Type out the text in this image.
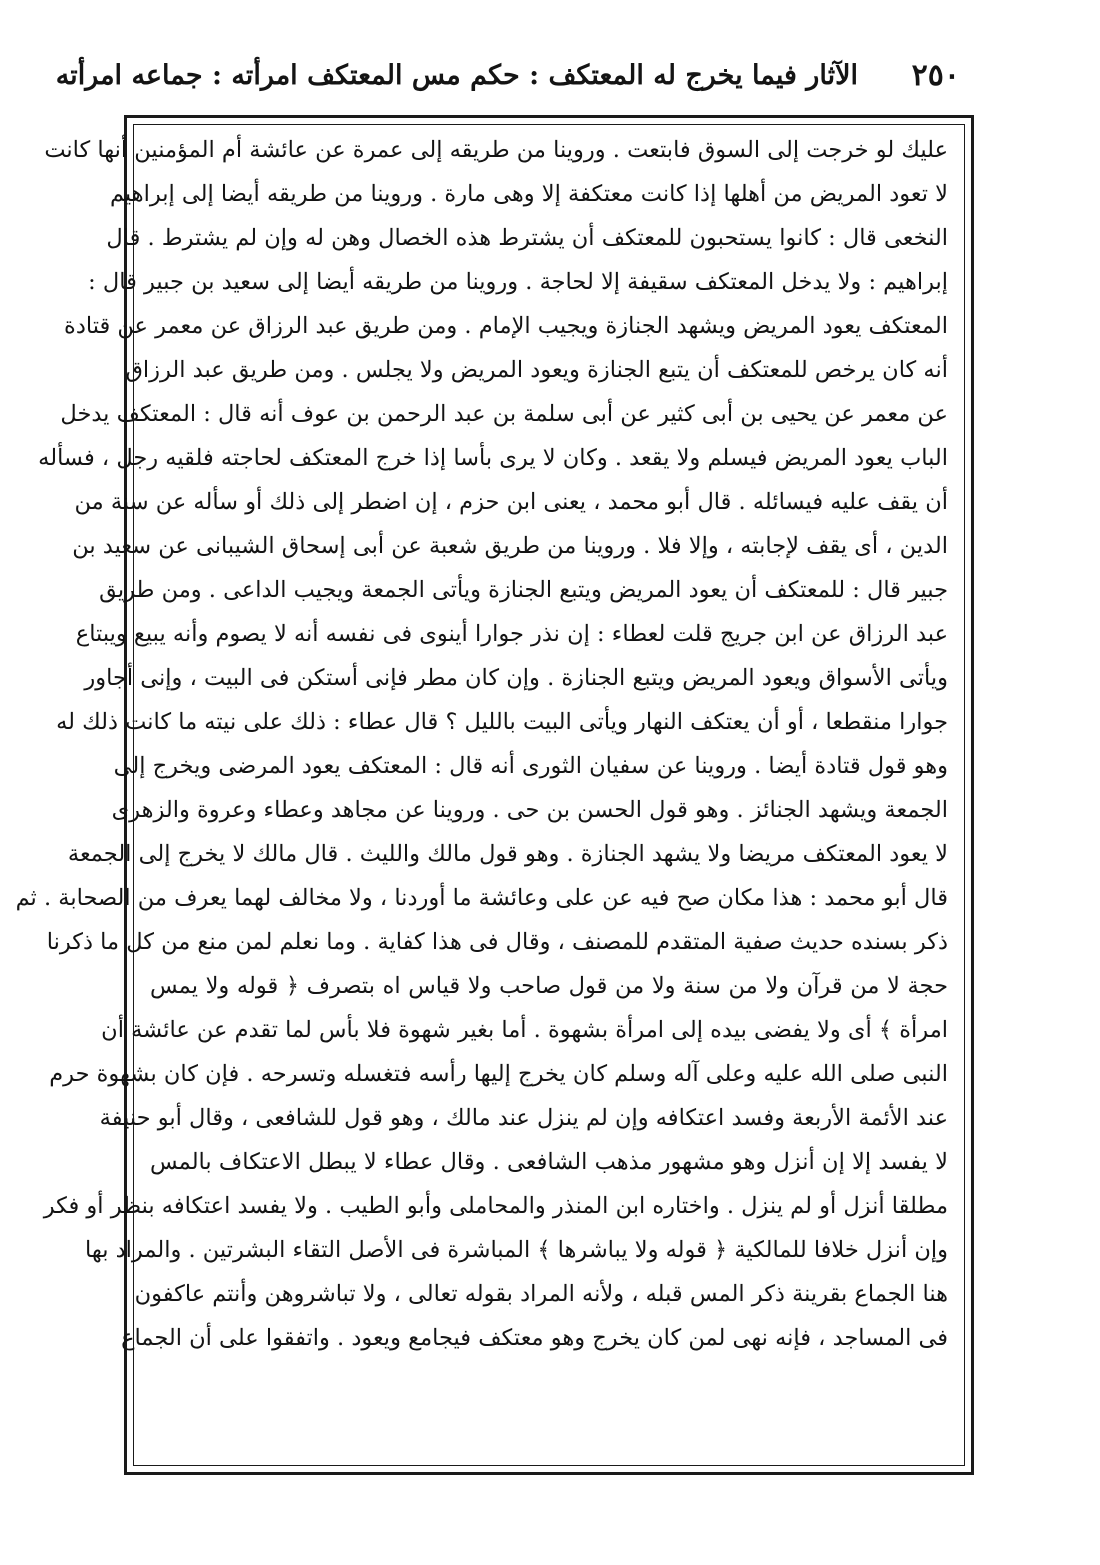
٢٥٠
الآثار فيما يخرج له المعتكف : حكم مس المعتكف امرأته : جماعه امرأته
عليك لو خرجت إلى السوق فابتعت . وروينا من طريقه إلى عمرة عن عائشة أم المؤمنين أنها كانت
لا تعود المريض من أهلها إذا كانت معتكفة إلا وهى مارة . وروينا من طريقه أيضا إلى إبراهيم
النخعى قال : كانوا يستحبون للمعتكف أن يشترط هذه الخصال وهن له وإن لم يشترط . قال
إبراهيم : ولا يدخل المعتكف سقيفة إلا لحاجة . وروينا من طريقه أيضا إلى سعيد بن جبير قال :
المعتكف يعود المريض ويشهد الجنازة ويجيب الإمام . ومن طريق عبد الرزاق عن معمر عن قتادة
أنه كان يرخص للمعتكف أن يتبع الجنازة ويعود المريض ولا يجلس . ومن طريق عبد الرزاق
عن معمر عن يحيى بن أبى كثير عن أبى سلمة بن عبد الرحمن بن عوف أنه قال : المعتكف يدخل
الباب يعود المريض فيسلم ولا يقعد . وكان لا يرى بأسا إذا خرج المعتكف لحاجته فلقيه رجل ، فسأله
أن يقف عليه فيسائله . قال أبو محمد ، يعنى ابن حزم ، إن اضطر إلى ذلك أو سأله عن سنة من
الدين ، أى يقف لإجابته ، وإلا فلا . وروينا من طريق شعبة عن أبى إسحاق الشيبانى عن سعيد بن
جبير قال : للمعتكف أن يعود المريض ويتبع الجنازة ويأتى الجمعة ويجيب الداعى . ومن طريق
عبد الرزاق عن ابن جريج قلت لعطاء : إن نذر جوارا أينوى فى نفسه أنه لا يصوم وأنه يبيع ويبتاع
ويأتى الأسواق ويعود المريض ويتبع الجنازة . وإن كان مطر فإنى أستكن فى البيت ، وإنى أجاور
جوارا منقطعا ، أو أن يعتكف النهار ويأتى البيت بالليل ؟ قال عطاء : ذلك على نيته ما كانت ذلك له
وهو قول قتادة أيضا . وروينا عن سفيان الثورى أنه قال : المعتكف يعود المرضى ويخرج إلى
الجمعة ويشهد الجنائز . وهو قول الحسن بن حى . وروينا عن مجاهد وعطاء وعروة والزهرى
لا يعود المعتكف مريضا ولا يشهد الجنازة . وهو قول مالك والليث . قال مالك لا يخرج إلى الجمعة
قال أبو محمد : هذا مكان صح فيه عن على وعائشة ما أوردنا ، ولا مخالف لهما يعرف من الصحابة . ثم
ذكر بسنده حديث صفية المتقدم للمصنف ، وقال فى هذا كفاية . وما نعلم لمن منع من كل ما ذكرنا
حجة لا من قرآن ولا من سنة ولا من قول صاحب ولا قياس اه بتصرف ﴿ قوله ولا يمس
امرأة ﴾ أى ولا يفضى بيده إلى امرأة بشهوة . أما بغير شهوة فلا بأس لما تقدم عن عائشة أن
النبى صلى الله عليه وعلى آله وسلم كان يخرج إليها رأسه فتغسله وتسرحه . فإن كان بشهوة حرم
عند الأئمة الأربعة وفسد اعتكافه وإن لم ينزل عند مالك ، وهو قول للشافعى ، وقال أبو حنيفة
لا يفسد إلا إن أنزل وهو مشهور مذهب الشافعى . وقال عطاء لا يبطل الاعتكاف بالمس
مطلقا أنزل أو لم ينزل . واختاره ابن المنذر والمحاملى وأبو الطيب . ولا يفسد اعتكافه بنظر أو فكر
وإن أنزل خلافا للمالكية ﴿ قوله ولا يباشرها ﴾ المباشرة فى الأصل التقاء البشرتين . والمراد بها
هنا الجماع بقرينة ذكر المس قبله ، ولأنه المراد بقوله تعالى ، ولا تباشروهن وأنتم عاكفون
فى المساجد ، فإنه نهى لمن كان يخرج وهو معتكف فيجامع ويعود . واتفقوا على أن الجماع
